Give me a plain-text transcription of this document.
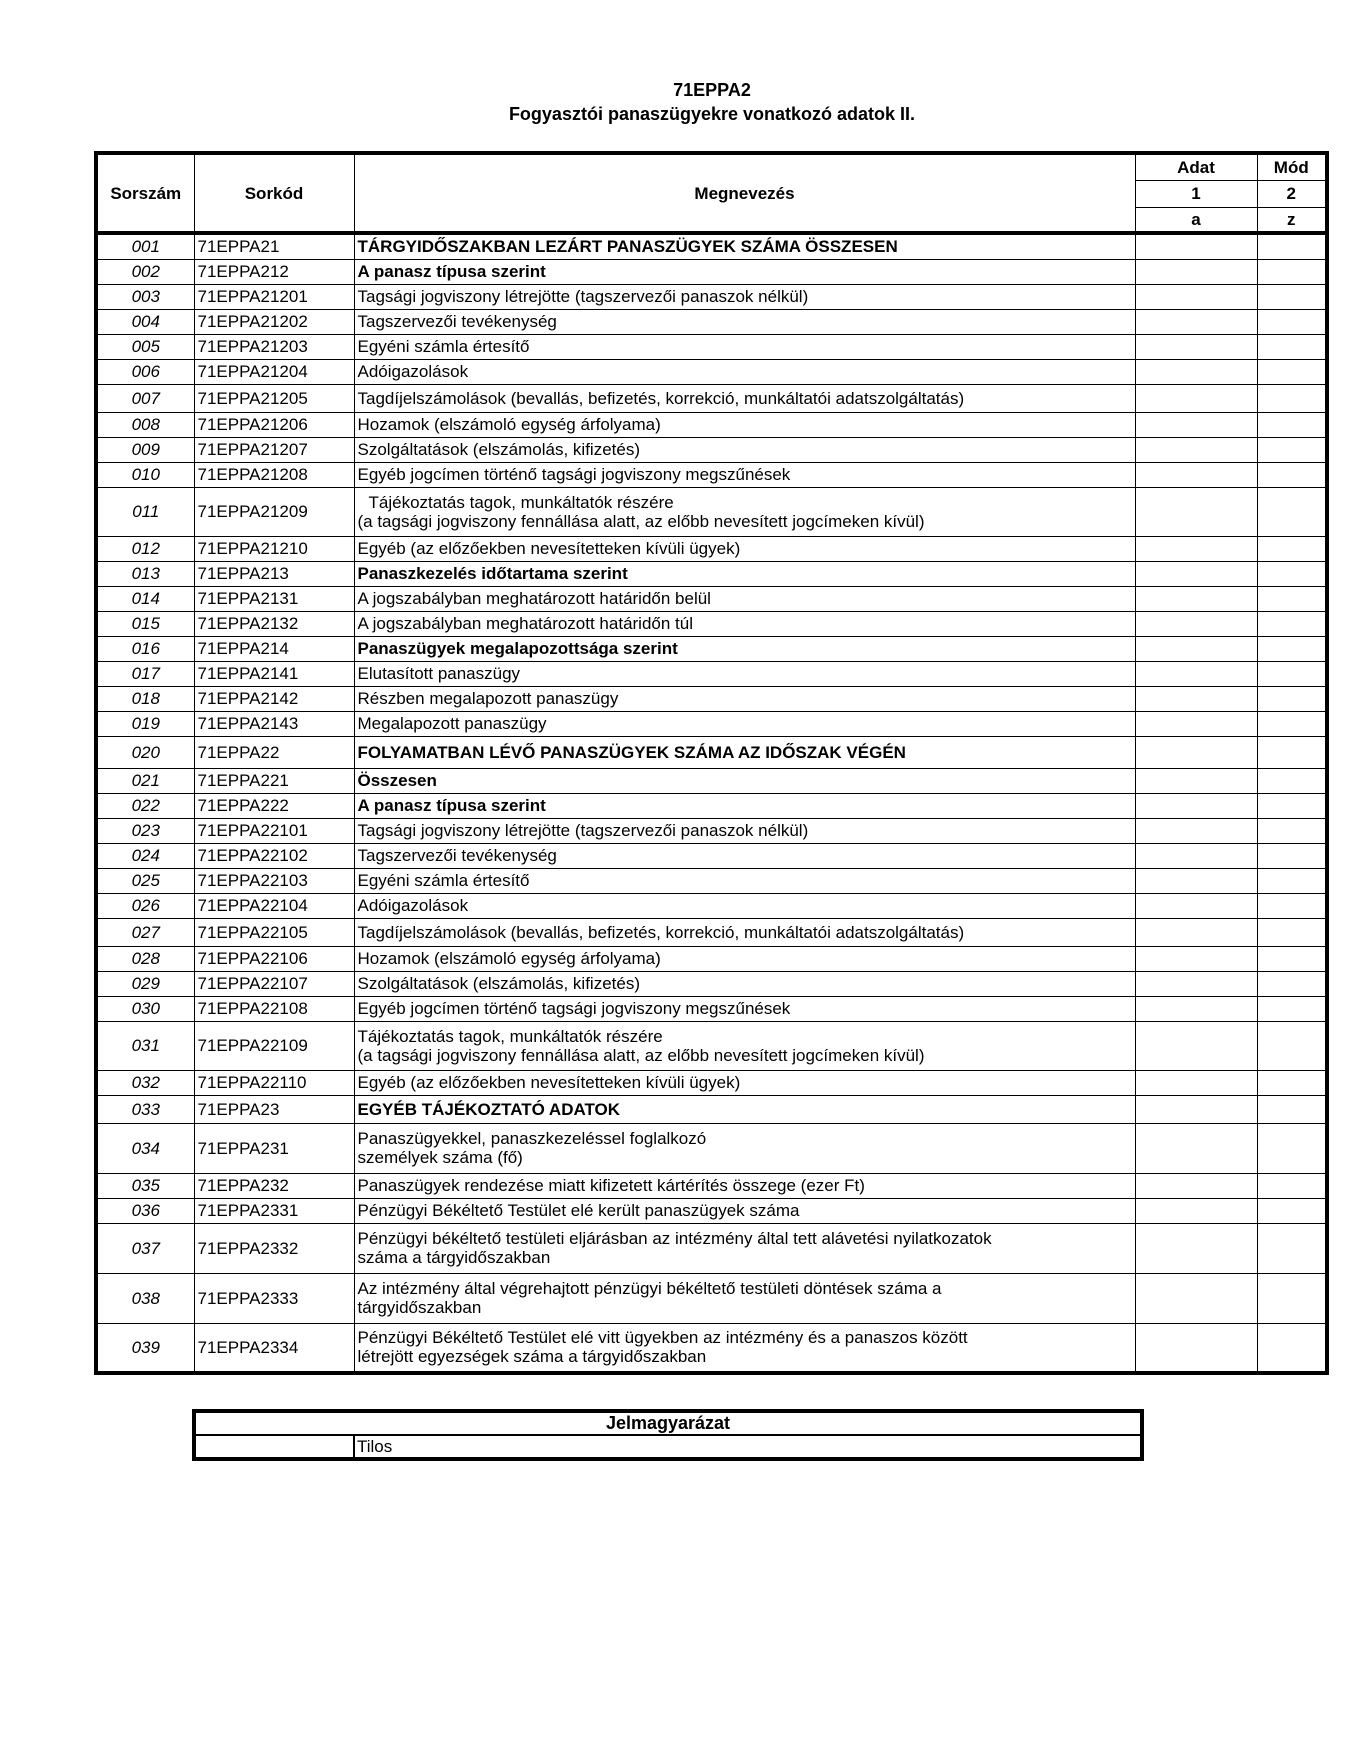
71EPPA2
Fogyasztói panaszügyekre vonatkozó adatok II.
Sorszám	Sorkód	Megnevezés	Adat	Mód
			1	2
			a	z
001	71EPPA21	TÁRGYIDŐSZAKBAN LEZÁRT PANASZÜGYEK SZÁMA ÖSSZESEN		
002	71EPPA212	A panasz típusa szerint		
003	71EPPA21201	Tagsági jogviszony létrejötte (tagszervezői panaszok nélkül)		
004	71EPPA21202	Tagszervezői tevékenység		
005	71EPPA21203	Egyéni számla értesítő		
006	71EPPA21204	Adóigazolások		
007	71EPPA21205	Tagdíjelszámolások (bevallás, befizetés, korrekció, munkáltatói adatszolgáltatás)		
008	71EPPA21206	Hozamok (elszámoló egység árfolyama)		
009	71EPPA21207	Szolgáltatások (elszámolás, kifizetés)		
010	71EPPA21208	Egyéb jogcímen történő tagsági jogviszony megszűnések		
011	71EPPA21209	Tájékoztatás tagok, munkáltatók részére
(a tagsági jogviszony fennállása alatt, az előbb nevesített jogcímeken kívül)		

012	71EPPA21210	Egyéb (az előzőekben nevesítetteken kívüli ügyek)		
013	71EPPA213	Panaszkezelés időtartama szerint		
014	71EPPA2131	A jogszabályban meghatározott határidőn belül		
015	71EPPA2132	A jogszabályban meghatározott határidőn túl		
016	71EPPA214	Panaszügyek megalapozottsága szerint		
017	71EPPA2141	Elutasított panaszügy		
018	71EPPA2142	Részben megalapozott panaszügy		
019	71EPPA2143	Megalapozott panaszügy		
020	71EPPA22	FOLYAMATBAN LÉVŐ PANASZÜGYEK SZÁMA AZ IDŐSZAK VÉGÉN		
021	71EPPA221	Összesen		
022	71EPPA222	A panasz típusa szerint		
023	71EPPA22101	Tagsági jogviszony létrejötte (tagszervezői panaszok nélkül)		
024	71EPPA22102	Tagszervezői tevékenység		
025	71EPPA22103	Egyéni számla értesítő		
026	71EPPA22104	Adóigazolások		
027	71EPPA22105	Tagdíjelszámolások (bevallás, befizetés, korrekció, munkáltatói adatszolgáltatás)		
028	71EPPA22106	Hozamok (elszámoló egység árfolyama)		
029	71EPPA22107	Szolgáltatások (elszámolás, kifizetés)		
030	71EPPA22108	Egyéb jogcímen történő tagsági jogviszony megszűnések		
031	71EPPA22109	Tájékoztatás tagok, munkáltatók részére
(a tagsági jogviszony fennállása alatt, az előbb nevesített jogcímeken kívül)		

032	71EPPA22110	Egyéb (az előzőekben nevesítetteken kívüli ügyek)		
033	71EPPA23	EGYÉB TÁJÉKOZTATÓ ADATOK		
034	71EPPA231	Panaszügyekkel, panaszkezeléssel foglalkozó
személyek száma (fő)		

035	71EPPA232	Panaszügyek rendezése miatt kifizetett kártérítés összege (ezer Ft)		
036	71EPPA2331	Pénzügyi Békéltető Testület elé került panaszügyek száma		
037	71EPPA2332	Pénzügyi békéltető testületi eljárásban az intézmény által tett alávetési nyilatkozatok
száma a tárgyidőszakban		

038	71EPPA2333	Az intézmény által végrehajtott pénzügyi békéltető testületi döntések száma a
tárgyidőszakban		

039	71EPPA2334	Pénzügyi Békéltető Testület elé vitt ügyekben az intézmény és a panaszos között
létrejött egyezségek száma a tárgyidőszakban		

Jelmagyarázat
	Tilos
